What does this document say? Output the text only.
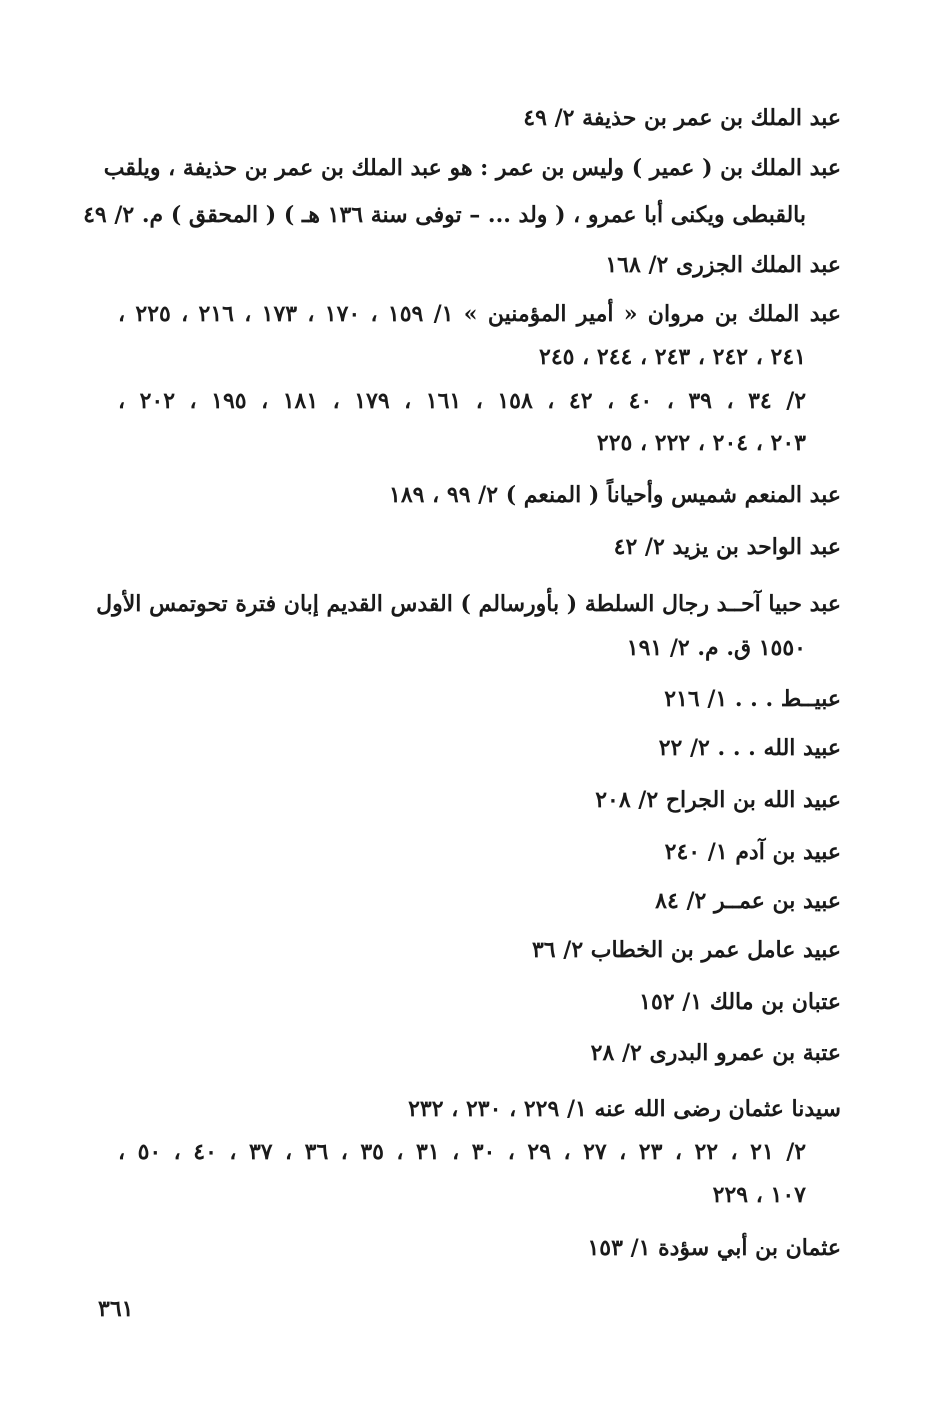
عبد الملك بن عمر بن حذيفة ٢/ ٤٩
عبد الملك بن ( عمير ) وليس بن عمر : هو عبد الملك بن عمر بن حذيفة ، ويلقب
بالقبطى ويكنى أبا عمرو ، ( ولد ... – توفى سنة ١٣٦ هـ ) ( المحقق ) م. ٢/ ٤٩
عبد الملك الجزرى ٢/ ١٦٨
عبد الملك بن مروان « أمير المؤمنين » ١/ ١٥٩ ، ١٧٠ ، ١٧٣ ، ٢١٦ ، ٢٢٥ ،
٢٤١ ، ٢٤٢ ، ٢٤٣ ، ٢٤٤ ، ٢٤٥
٢/ ٣٤ ، ٣٩ ، ٤٠ ، ٤٢ ، ١٥٨ ، ١٦١ ، ١٧٩ ، ١٨١ ، ١٩٥ ، ٢٠٢ ،
٢٠٣ ، ٢٠٤ ، ٢٢٢ ، ٢٢٥
عبد المنعم شميس وأحياناً ( المنعم ) ٢/ ٩٩ ، ١٨٩
عبد الواحد بن يزيد ٢/ ٤٢
عبد حبيا آحــد رجال السلطة ( بأورسالم ) القدس القديم إبان فترة تحوتمس الأول
١٥٥٠ ق. م. ٢/ ١٩١
عبيــط . . . ١/ ٢١٦
عبيد الله . . . ٢/ ٢٢
عبيد الله بن الجراح ٢/ ٢٠٨
عبيد بن آدم ١/ ٢٤٠
عبيد بن عمــر ٢/ ٨٤
عبيد عامل عمر بن الخطاب ٢/ ٣٦
عتبان بن مالك ١/ ١٥٢
عتبة بن عمرو البدرى ٢/ ٢٨
سيدنا عثمان رضى الله عنه ١/ ٢٢٩ ، ٢٣٠ ، ٢٣٢
٢/ ٢١ ، ٢٢ ، ٢٣ ، ٢٧ ، ٢٩ ، ٣٠ ، ٣١ ، ٣٥ ، ٣٦ ، ٣٧ ، ٤٠ ، ٥٠ ،
١٠٧ ، ٢٢٩
عثمان بن أبي سؤدة ١/ ١٥٣
٣٦١
